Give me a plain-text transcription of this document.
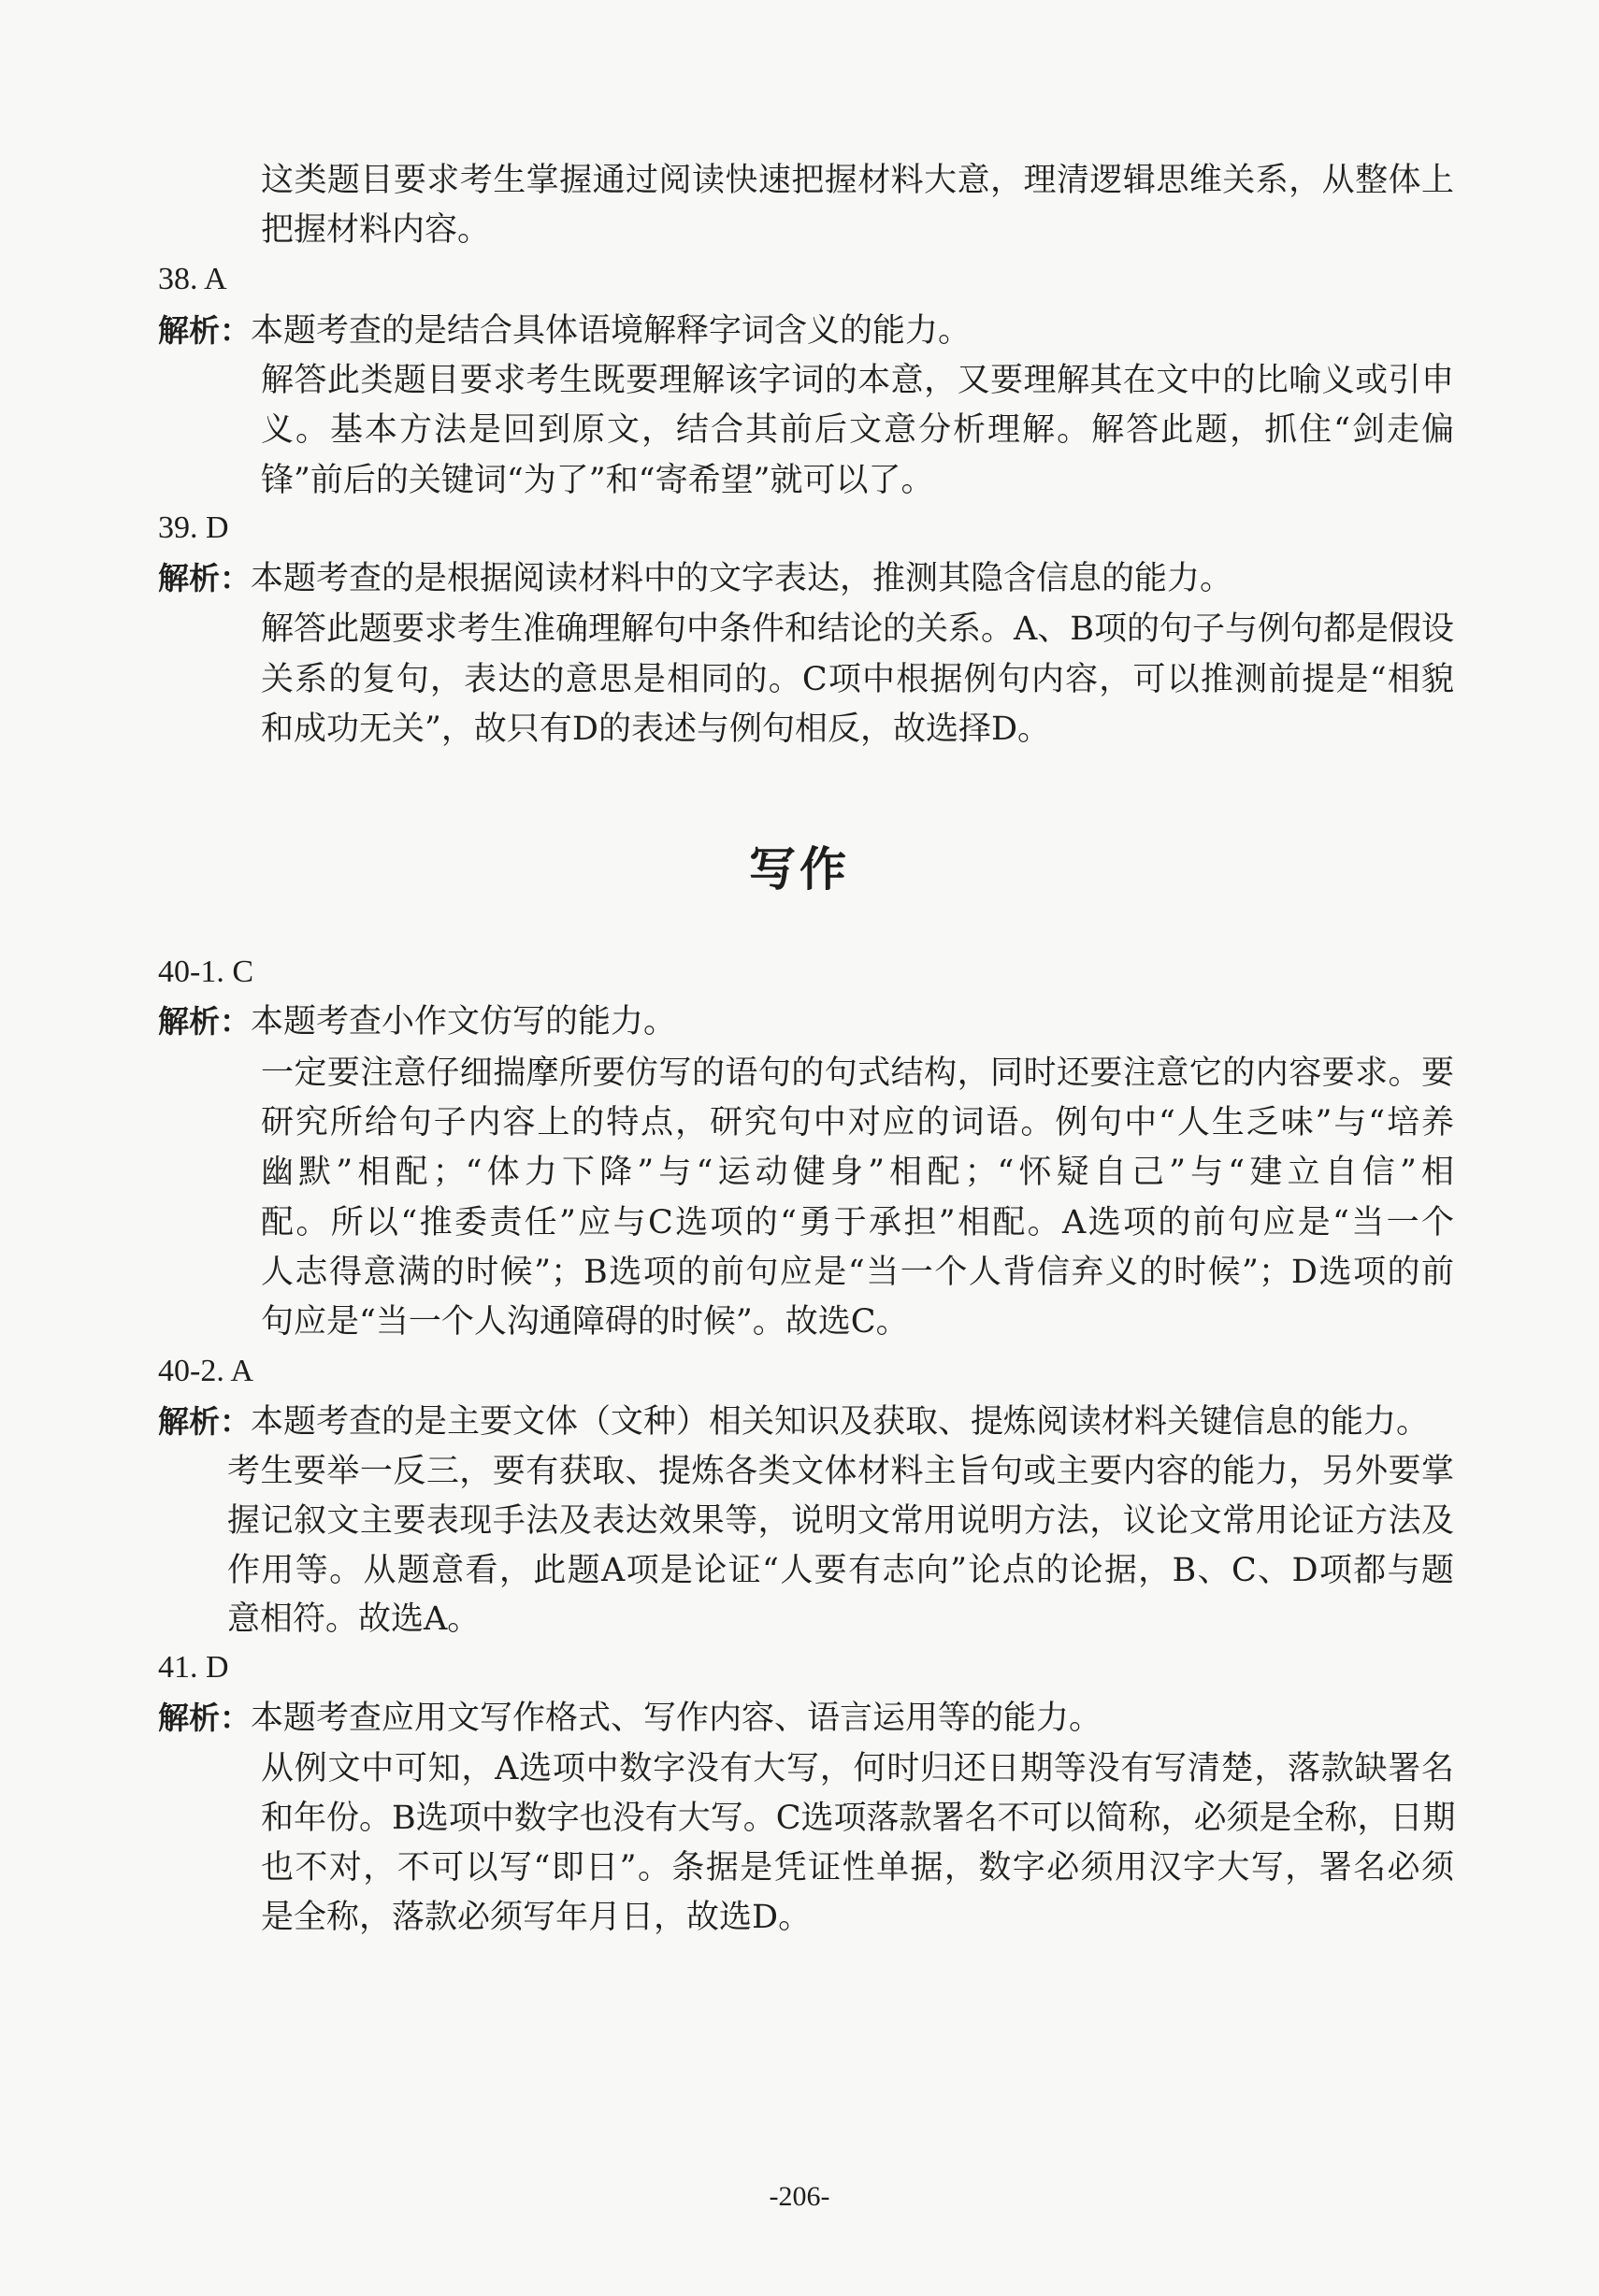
这类题目要求考生掌握通过阅读快速把握材料大意，理清逻辑思维关系，从整体上
把握材料内容。
38. A
解析：本题考查的是结合具体语境解释字词含义的能力。
解答此类题目要求考生既要理解该字词的本意，又要理解其在文中的比喻义或引申
义。基本方法是回到原文，结合其前后文意分析理解。解答此题，抓住“剑走偏
锋”前后的关键词“为了”和“寄希望”就可以了。
39. D
解析：本题考查的是根据阅读材料中的文字表达，推测其隐含信息的能力。
解答此题要求考生准确理解句中条件和结论的关系。A、B项的句子与例句都是假设
关系的复句，表达的意思是相同的。C项中根据例句内容，可以推测前提是“相貌
和成功无关”，故只有D的表述与例句相反，故选择D。
40-1. C
解析：本题考查小作文仿写的能力。
一定要注意仔细揣摩所要仿写的语句的句式结构，同时还要注意它的内容要求。要
研究所给句子内容上的特点，研究句中对应的词语。例句中“人生乏味”与“培养
幽默”相配；“体力下降”与“运动健身”相配；“怀疑自己”与“建立自信”相
配。所以“推委责任”应与C选项的“勇于承担”相配。A选项的前句应是“当一个
人志得意满的时候”；B选项的前句应是“当一个人背信弃义的时候”；D选项的前
句应是“当一个人沟通障碍的时候”。故选C。
40-2. A
解析：本题考查的是主要文体（文种）相关知识及获取、提炼阅读材料关键信息的能力。
考生要举一反三，要有获取、提炼各类文体材料主旨句或主要内容的能力，另外要掌
握记叙文主要表现手法及表达效果等，说明文常用说明方法，议论文常用论证方法及
作用等。从题意看，此题A项是论证“人要有志向”论点的论据，B、C、D项都与题
意相符。故选A。
41. D
解析：本题考查应用文写作格式、写作内容、语言运用等的能力。
从例文中可知，A选项中数字没有大写，何时归还日期等没有写清楚，落款缺署名
和年份。B选项中数字也没有大写。C选项落款署名不可以简称，必须是全称，日期
也不对，不可以写“即日”。条据是凭证性单据，数字必须用汉字大写，署名必须
是全称，落款必须写年月日，故选D。
写作
-206-
